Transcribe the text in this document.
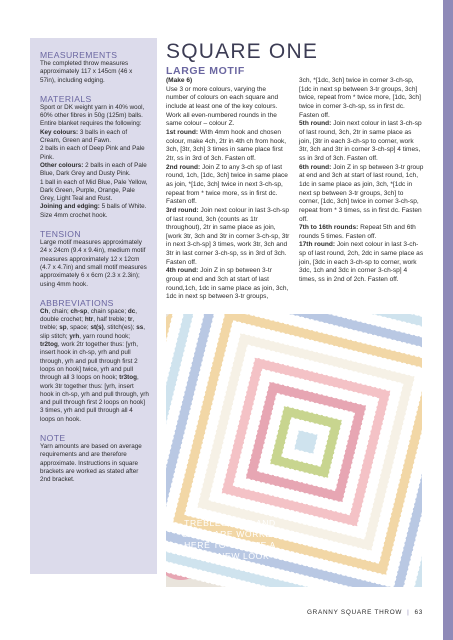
MEASUREMENTS

The completed throw measures approximately 117 x 145cm (46 x 57in), including edging.

MATERIALS

Sport or DK weight yarn in 40% wool, 60% other fibres in 50g (125m) balls. Entire blanket requires the following:

Key colours: 3 balls in each of Cream, Green and Fawn.

2 balls in each of Deep Pink and Pale Pink.

Other colours: 2 balls in each of Pale Blue, Dark Grey and Dusty Pink.

1 ball in each of Mid Blue, Pale Yellow, Dark Green, Purple, Orange, Pale Grey, Light Teal and Rust.

Joining and edging: 5 balls of White.

Size 4mm crochet hook.

TENSION

Large motif measures approximately 24 x 24cm (9.4 x 9.4in), medium motif measures approximately 12 x 12cm (4.7 x 4.7in) and small motif measures approximately 6 x 6cm (2.3 x 2.3in); using 4mm hook.

ABBREVIATIONS

Ch, chain; ch-sp, chain space; dc, double crochet; htr, half treble; tr, treble; sp, space; st(s), stitch(es); ss, slip stitch; yrh, yarn round hook; tr2tog, work 2tr together thus: [yrh, insert hook in ch-sp, yrh and pull through, yrh and pull through first 2 loops on hook] twice, yrh and pull through all 3 loops on hook; tr3tog, work 3tr together thus: [yrh, insert hook in ch-sp, yrh and pull through, yrh and pull through first 2 loops on hook] 3 times, yrh and pull through all 4 loops on hook.

NOTE

Yarn amounts are based on average requirements and are therefore approximate. Instructions in square brackets are worked as stated after 2nd bracket.

SQUARE ONE
LARGE MOTIF

(Make 6)

Use 3 or more colours, varying the number of colours on each square and include at least one of the key colours. Work all even-numbered rounds in the same colour – colour Z.

1st round: With 4mm hook and chosen colour, make 4ch, 2tr in 4th ch from hook, 3ch, [3tr, 3ch] 3 times in same place first 2tr, ss in 3rd of 3ch. Fasten off.

2nd round: Join Z to any 3-ch sp of last round, 1ch, [1dc, 3ch] twice in same place as join, *[1dc, 3ch] twice in next 3-ch-sp, repeat from * twice more, ss in first dc. Fasten off.

3rd round: Join next colour in last 3-ch-sp of last round, 3ch (counts as 1tr throughout), 2tr in same place as join, [work 3tr, 3ch and 3tr in corner 3-ch-sp, 3tr in next 3-ch-sp] 3 times, work 3tr, 3ch and 3tr in last corner 3-ch-sp, ss in 3rd of 3ch. Fasten off.

4th round: Join Z in sp between 3-tr group at end and 3ch at start of last round,1ch, 1dc in same place as join, 3ch, 1dc in next sp between 3-tr groups,

3ch, *[1dc, 3ch] twice in corner 3-ch-sp, [1dc in next sp between 3-tr groups, 3ch] twice, repeat from * twice more, [1dc, 3ch] twice in corner 3-ch-sp, ss in first dc. Fasten off.

5th round: Join next colour in last 3-ch-sp of last round, 3ch, 2tr in same place as join, [3tr in each 3-ch-sp to corner, work 3tr, 3ch and 3tr in corner 3-ch-sp] 4 times, ss in 3rd of 3ch. Fasten off.

6th round: Join Z in sp between 3-tr group at end and 3ch at start of last round, 1ch, 1dc in same place as join, 3ch, *[1dc in next sp between 3-tr groups, 3ch] to corner, [1dc, 3ch] twice in corner 3-ch-sp, repeat from * 3 times, ss in first dc. Fasten off.

7th to 16th rounds: Repeat 5th and 6th rounds 5 times. Fasten off.

17th round: Join next colour in last 3-ch-sp of last round, 2ch, 2dc in same place as join, [3dc in each 3-ch-sp to corner, work 3dc, 1ch and 3dc in corner 3-ch-sp] 4 times, ss in 2nd of 2ch. Fasten off.

TREBLES, DCS AND CHAIN ARE WORKED HERE TO CREATE A NEAT NEW LOOK
GRANNY SQUARE THROW | 63
